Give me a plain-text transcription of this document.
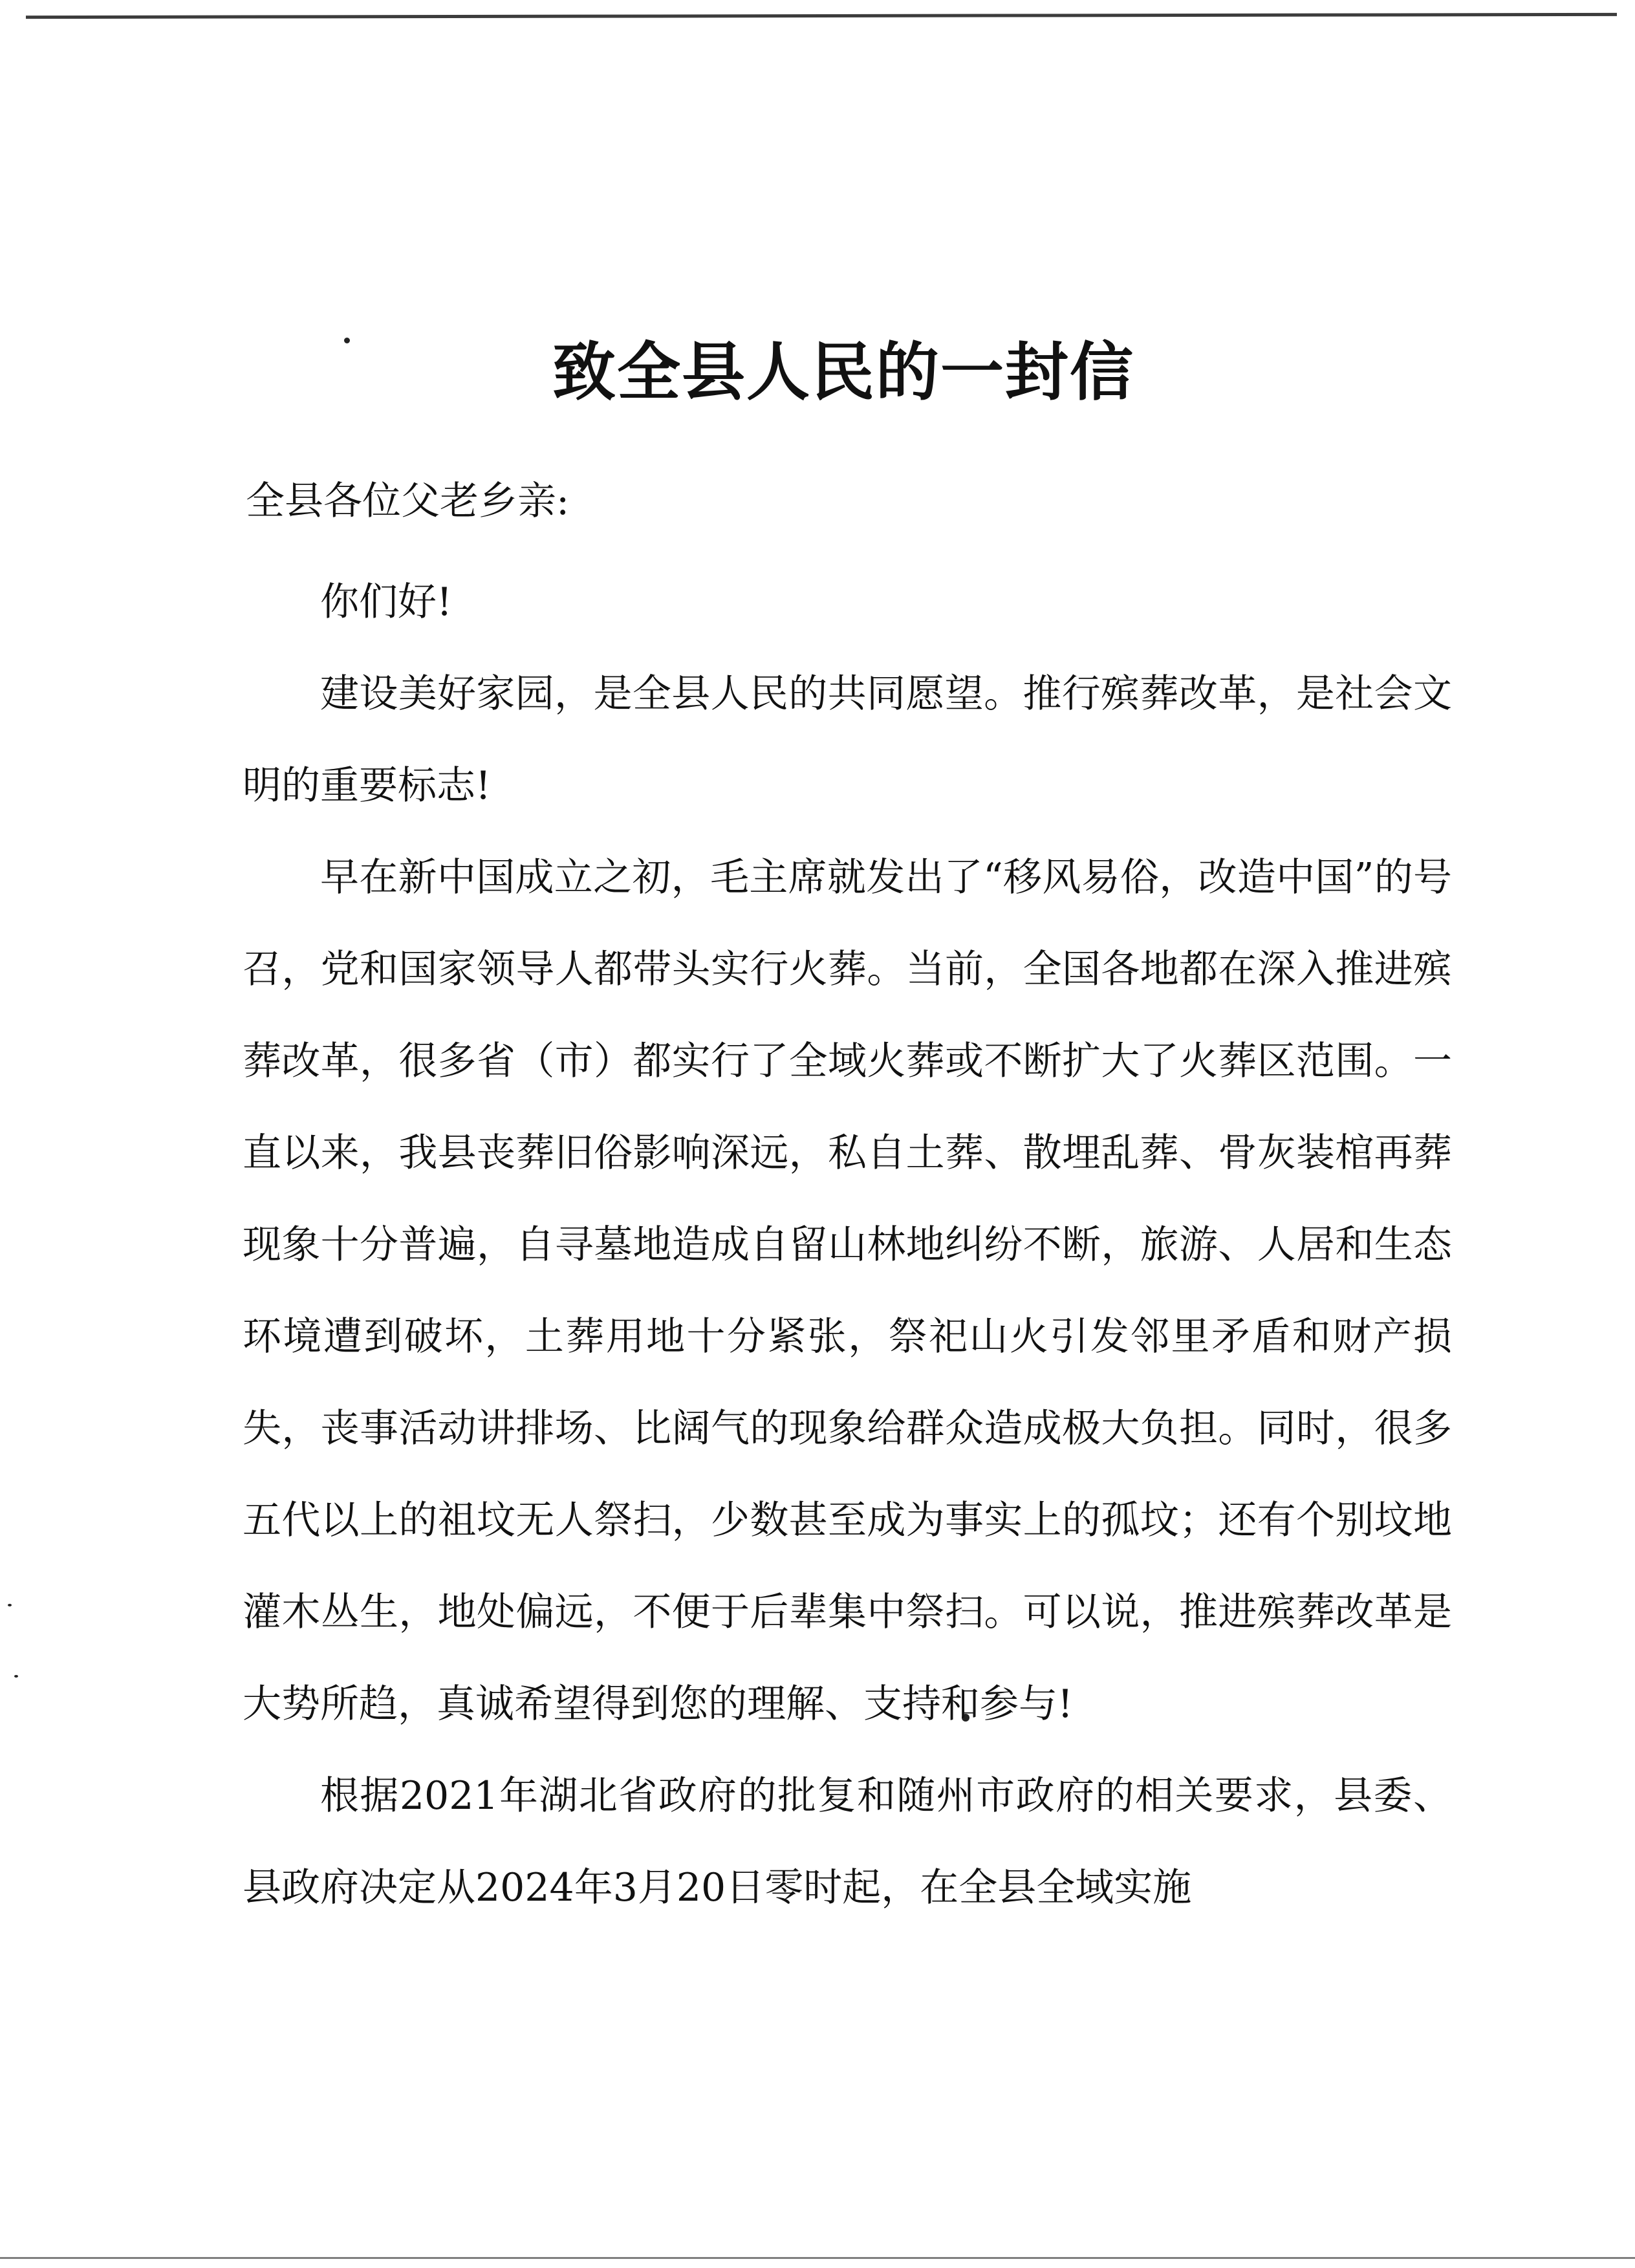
致全县人民的一封信
全县各位父老乡亲:

你们好!

建设美好家园，是全县人民的共同愿望。推行殡葬改革，是社会文明的重要标志!

早在新中国成立之初，毛主席就发出了“移风易俗，改造中国”的号召，党和国家领导人都带头实行火葬。当前，全国各地都在深入推进殡葬改革，很多省（市）都实行了全域火葬或不断扩大了火葬区范围。一直以来，我县丧葬旧俗影响深远，私自土葬、散埋乱葬、骨灰装棺再葬现象十分普遍，自寻墓地造成自留山林地纠纷不断，旅游、人居和生态环境遭到破坏，土葬用地十分紧张，祭祀山火引发邻里矛盾和财产损失，丧事活动讲排场、比阔气的现象给群众造成极大负担。同时，很多五代以上的祖坟无人祭扫，少数甚至成为事实上的孤坟；还有个别坟地灌木丛生，地处偏远，不便于后辈集中祭扫。可以说，推进殡葬改革是大势所趋，真诚希望得到您的理解、支持和参与!

根据2021年湖北省政府的批复和随州市政府的相关要求，县委、县政府决定从2024年3月20日零时起，在全县全域实施
